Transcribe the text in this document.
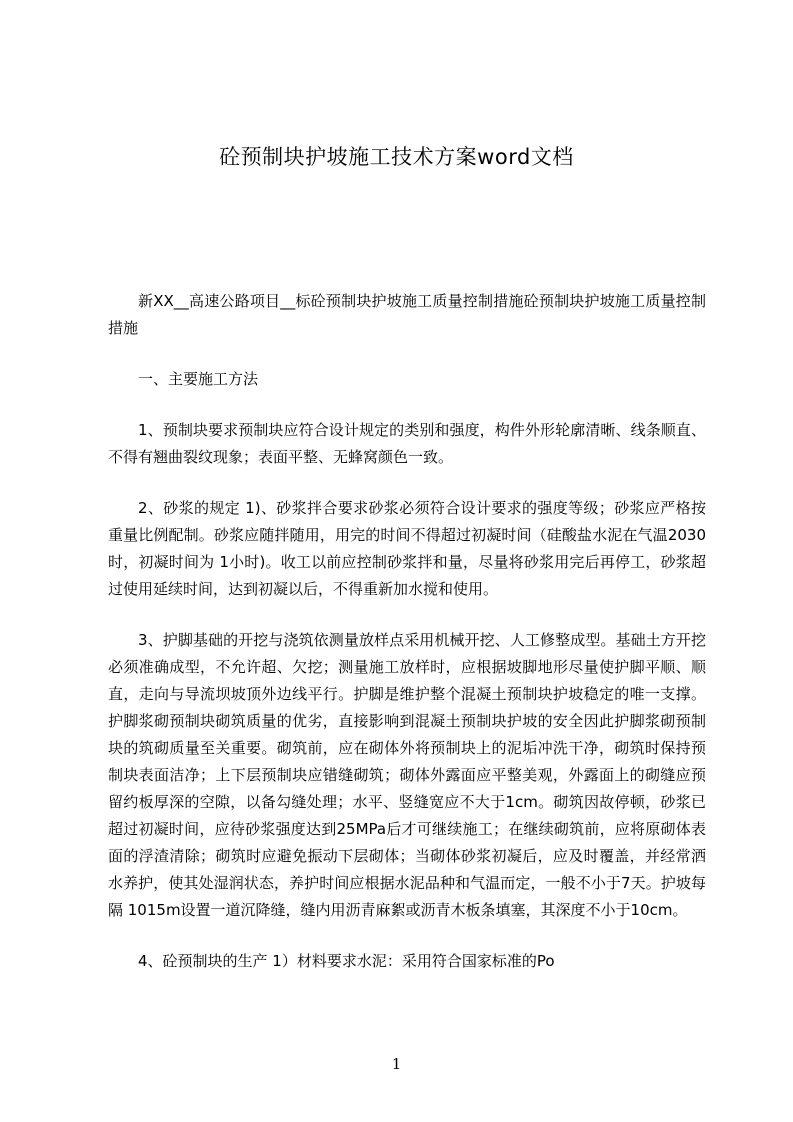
砼预制块护坡施工技术方案word文档

新XX__高速公路项目__标砼预制块护坡施工质量控制措施砼预制块护坡施工质量控制措施

一、主要施工方法

1、预制块要求预制块应符合设计规定的类别和强度，构件外形轮廓清晰、线条顺直、不得有翘曲裂纹现象；表面平整、无蜂窝颜色一致。

2、砂浆的规定 1)、砂浆拌合要求砂浆必须符合设计要求的强度等级；砂浆应严格按重量比例配制。砂浆应随拌随用，用完的时间不得超过初凝时间（硅酸盐水泥在气温2030时，初凝时间为 1小时)。收工以前应控制砂浆拌和量，尽量将砂浆用完后再停工，砂浆超过使用延续时间，达到初凝以后，不得重新加水搅和使用。

3、护脚基础的开挖与浇筑依测量放样点采用机械开挖、人工修整成型。基础土方开挖必须准确成型，不允许超、欠挖；测量施工放样时，应根据坡脚地形尽量使护脚平顺、顺直，走向与导流坝坡顶外边线平行。护脚是维护整个混凝土预制块护坡稳定的唯一支撑。护脚浆砌预制块砌筑质量的优劣，直接影响到混凝土预制块护坡的安全因此护脚浆砌预制块的筑砌质量至关重要。砌筑前，应在砌体外将预制块上的泥垢冲洗干净，砌筑时保持预制块表面洁净；上下层预制块应错缝砌筑；砌体外露面应平整美观，外露面上的砌缝应预留约板厚深的空隙，以备勾缝处理；水平、竖缝宽应不大于1cm。砌筑因故停顿，砂浆已超过初凝时间，应待砂浆强度达到25MPa后才可继续施工；在继续砌筑前，应将原砌体表面的浮渣清除；砌筑时应避免振动下层砌体；当砌体砂浆初凝后，应及时覆盖，并经常洒水养护，使其处湿润状态，养护时间应根据水泥品种和气温而定，一般不小于7天。护坡每隔 1015m设置一道沉降缝，缝内用沥青麻絮或沥青木板条填塞，其深度不小于10cm。

4、砼预制块的生产 1）材料要求水泥：采用符合国家标准的Po

1
